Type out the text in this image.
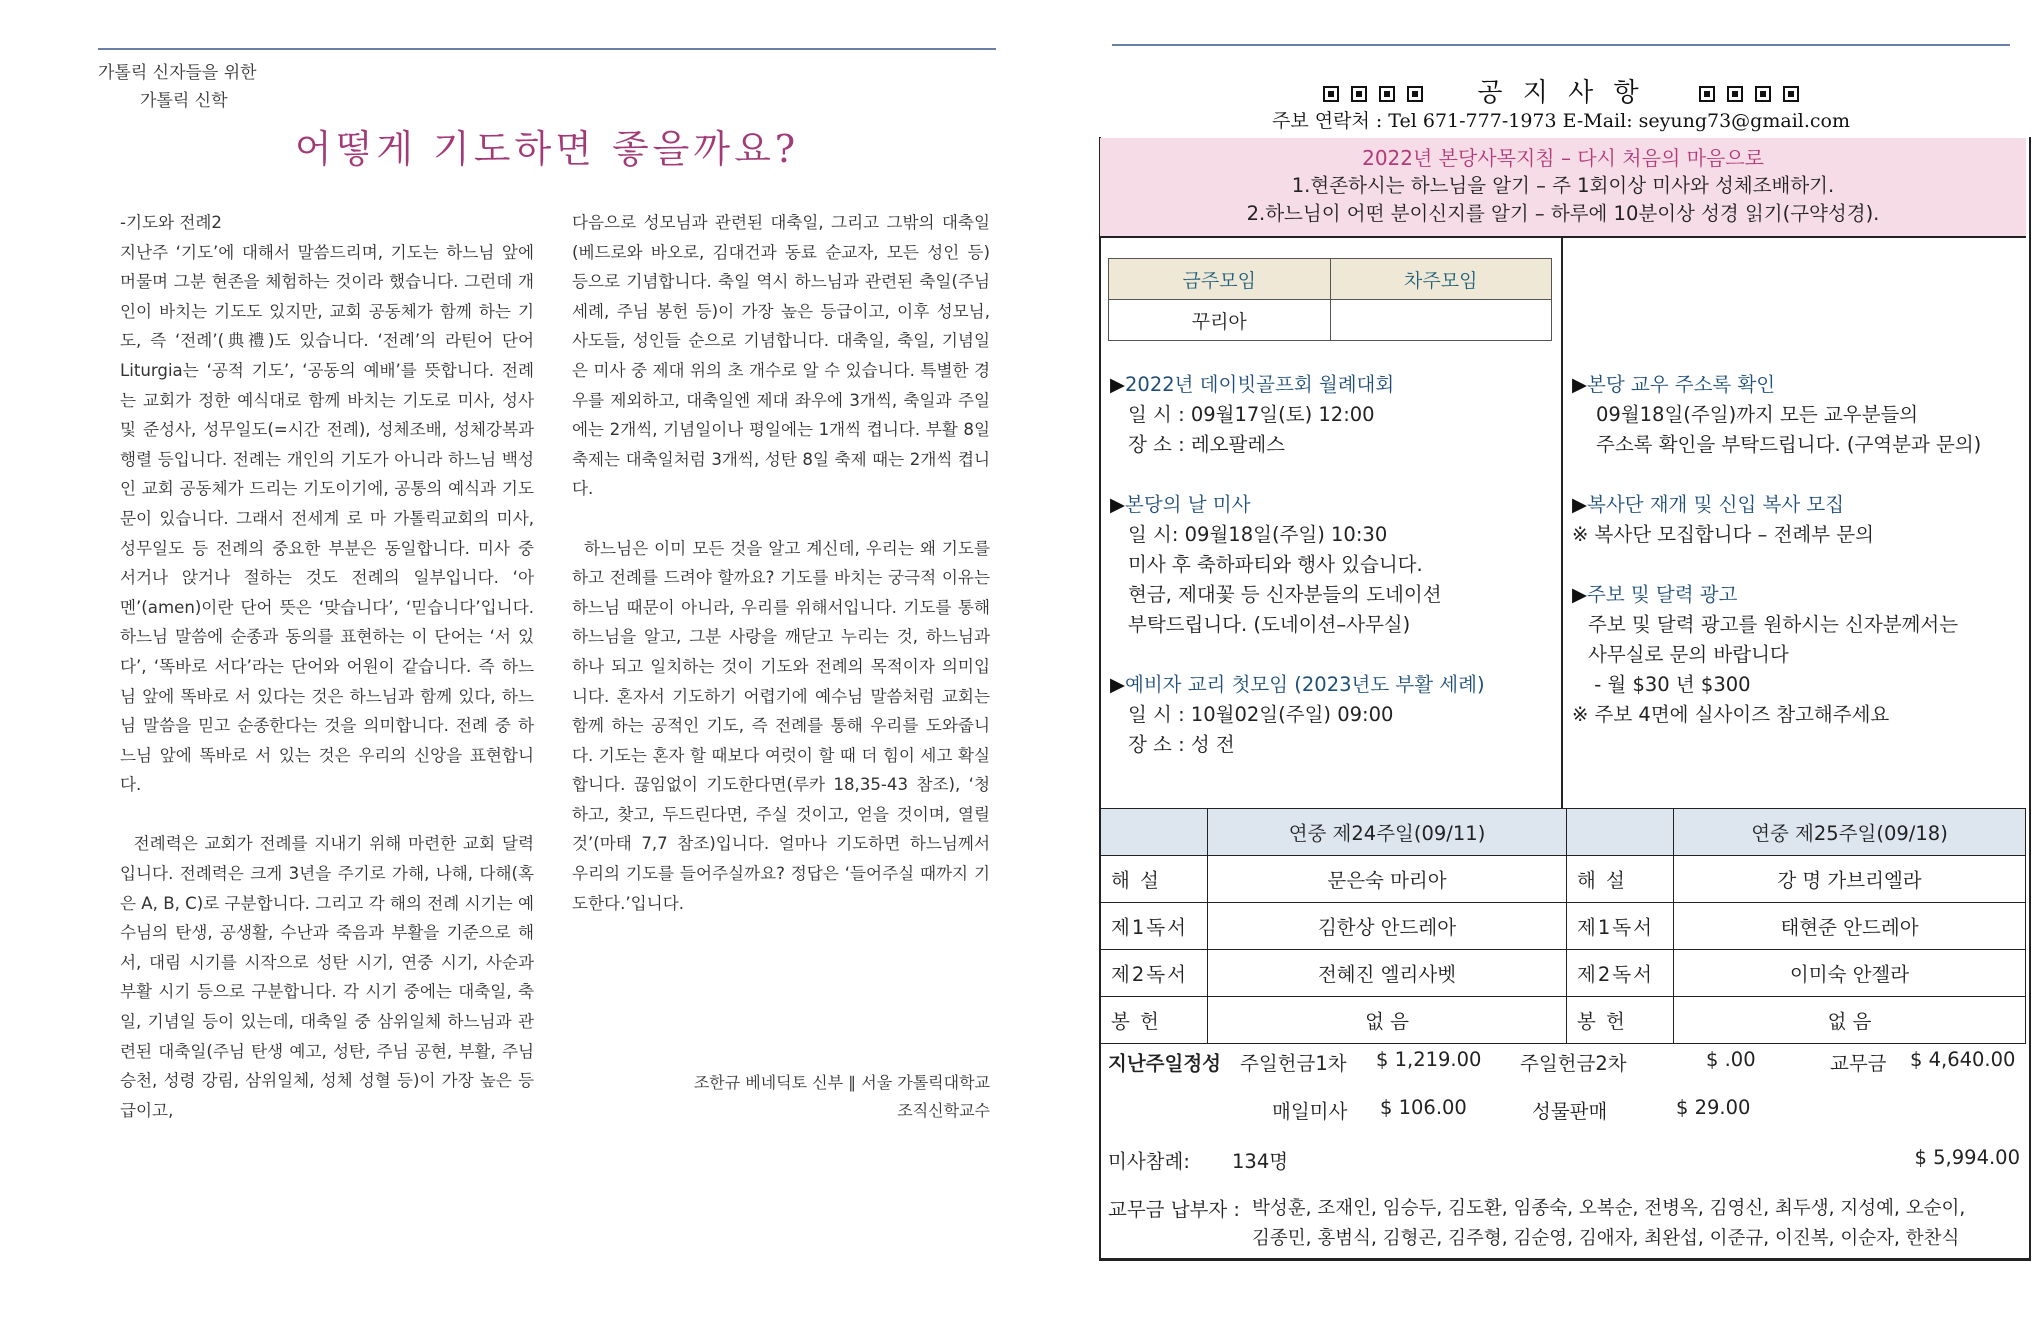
가톨릭 신자들을 위한
가톨릭 신학
어떻게 기도하면 좋을까요?
-기도와 전례2
지난주 ‘기도’에 대해서 말씀드리며, 기도는 하느님 앞에 머물며 그분 현존을 체험하는 것이라 했습니다. 그런데 개인이 바치는 기도도 있지만, 교회 공동체가 함께 하는 기도, 즉 ‘전례’(典禮)도 있습니다. ‘전례’의 라틴어 단어 Liturgia는 ‘공적 기도’, ‘공동의 예배’를 뜻합니다. 전례는 교회가 정한 예식대로 함께 바치는 기도로 미사, 성사 및 준성사, 성무일도(=시간 전례), 성체조배, 성체강복과 행렬 등입니다. 전례는 개인의 기도가 아니라 하느님 백성인 교회 공동체가 드리는 기도이기에, 공통의 예식과 기도문이 있습니다. 그래서 전세계 로 마 가톨릭교회의 미사, 성무일도 등 전례의 중요한 부분은 동일합니다. 미사 중 서거나 앉거나 절하는 것도 전례의 일부입니다. ‘아멘’(amen)이란 단어 뜻은 ‘맞습니다’, ‘믿습니다’입니다. 하느님 말씀에 순종과 동의를 표현하는 이 단어는 ‘서 있다’, ‘똑바로 서다’라는 단어와 어원이 같습니다. 즉 하느님 앞에 똑바로 서 있다는 것은 하느님과 함께 있다, 하느님 말씀을 믿고 순종한다는 것을 의미합니다. 전례 중 하느님 앞에 똑바로 서 있는 것은 우리의 신앙을 표현합니다.

전례력은 교회가 전례를 지내기 위해 마련한 교회 달력입니다. 전례력은 크게 3년을 주기로 가해, 나해, 다해(혹은 A, B, C)로 구분합니다. 그리고 각 해의 전례 시기는 예수님의 탄생, 공생활, 수난과 죽음과 부활을 기준으로 해서, 대림 시기를 시작으로 성탄 시기, 연중 시기, 사순과 부활 시기 등으로 구분합니다. 각 시기 중에는 대축일, 축일, 기념일 등이 있는데, 대축일 중 삼위일체 하느님과 관련된 대축일(주님 탄생 예고, 성탄, 주님 공현, 부활, 주님 승천, 성령 강림, 삼위일체, 성체 성혈 등)이 가장 높은 등급이고,
다음으로 성모님과 관련된 대축일, 그리고 그밖의 대축일(베드로와 바오로, 김대건과 동료 순교자, 모든 성인 등) 등으로 기념합니다. 축일 역시 하느님과 관련된 축일(주님 세례, 주님 봉헌 등)이 가장 높은 등급이고, 이후 성모님, 사도들, 성인들 순으로 기념합니다. 대축일, 축일, 기념일은 미사 중 제대 위의 초 개수로 알 수 있습니다. 특별한 경우를 제외하고, 대축일엔 제대 좌우에 3개씩, 축일과 주일에는 2개씩, 기념일이나 평일에는 1개씩 켭니다. 부활 8일 축제는 대축일처럼 3개씩, 성탄 8일 축제 때는 2개씩 켭니다.

하느님은 이미 모든 것을 알고 계신데, 우리는 왜 기도를 하고 전례를 드려야 할까요? 기도를 바치는 궁극적 이유는 하느님 때문이 아니라, 우리를 위해서입니다. 기도를 통해 하느님을 알고, 그분 사랑을 깨닫고 누리는 것, 하느님과 하나 되고 일치하는 것이 기도와 전례의 목적이자 의미입니다. 혼자서 기도하기 어렵기에 예수님 말씀처럼 교회는 함께 하는 공적인 기도, 즉 전례를 통해 우리를 도와줍니다. 기도는 혼자 할 때보다 여럿이 할 때 더 힘이 세고 확실합니다. 끊임없이 기도한다면(루카 18,35-43 참조), ‘청하고, 찾고, 두드린다면, 주실 것이고, 얻을 것이며, 열릴 것’(마태 7,7 참조)입니다. 얼마나 기도하면 하느님께서 우리의 기도를 들어주실까요? 정답은 ‘들어주실 때까지 기도한다.’입니다.
조한규 베네딕토 신부 ∥ 서울 가톨릭대학교
조직신학교수
공 지 사 항
주보 연락처 : Tel 671-777-1973 E-Mail: seyung73@gmail.com
2022년 본당사목지침 – 다시 처음의 마음으로
1.현존하시는 하느님을 알기 – 주 1회이상 미사와 성체조배하기.
2.하느님이 어떤 분이신지를 알기 – 하루에 10분이상 성경 읽기(구약성경).
금주모임	차주모임
꾸리아	
▶2022년 데이빗골프회 월례대회
일 시 : 09월17일(토) 12:00
장 소 : 레오팔레스
▶본당의 날 미사
일 시: 09월18일(주일) 10:30
미사 후 축하파티와 행사 있습니다.
현금, 제대꽃 등 신자분들의 도네이션
부탁드립니다. (도네이션–사무실)
▶예비자 교리 첫모임 (2023년도 부활 세례)
일 시 : 10월02일(주일) 09:00
장 소 : 성 전
▶본당 교우 주소록 확인
09월18일(주일)까지 모든 교우분들의
주소록 확인을 부탁드립니다. (구역분과 문의)
▶복사단 재개 및 신입 복사 모집
※ 복사단 모집합니다 – 전례부 문의
▶주보 및 달력 광고
주보 및 달력 광고를 원하시는 신자분께서는
사무실로 문의 바랍니다
- 월 $30 년 $300
※ 주보 4면에 실사이즈 참고해주세요
	연중 제24주일(09/11)		연중 제25주일(09/18)
해 설	문은숙 마리아	해 설	강 명 가브리엘라
제1독서	김한상 안드레아	제1독서	태현준 안드레아
제2독서	전혜진 엘리사벳	제2독서	이미숙 안젤라
봉 헌	없 음	봉 헌	없 음
지난주일정성 주일헌금1차 $ 1,219.00 주일헌금2차	$ .00	교무금 $ 4,640.00
매일미사 $ 106.00	성물판매	$ 29.00
미사참례: 134명	$ 5,994.00
교무금 납부자 : 박성훈, 조재인, 임승두, 김도환, 임종숙, 오복순, 전병옥, 김영신, 최두생, 지성예, 오순이,
김종민, 홍범식, 김형곤, 김주형, 김순영, 김애자, 최완섭, 이준규, 이진복, 이순자, 한찬식
